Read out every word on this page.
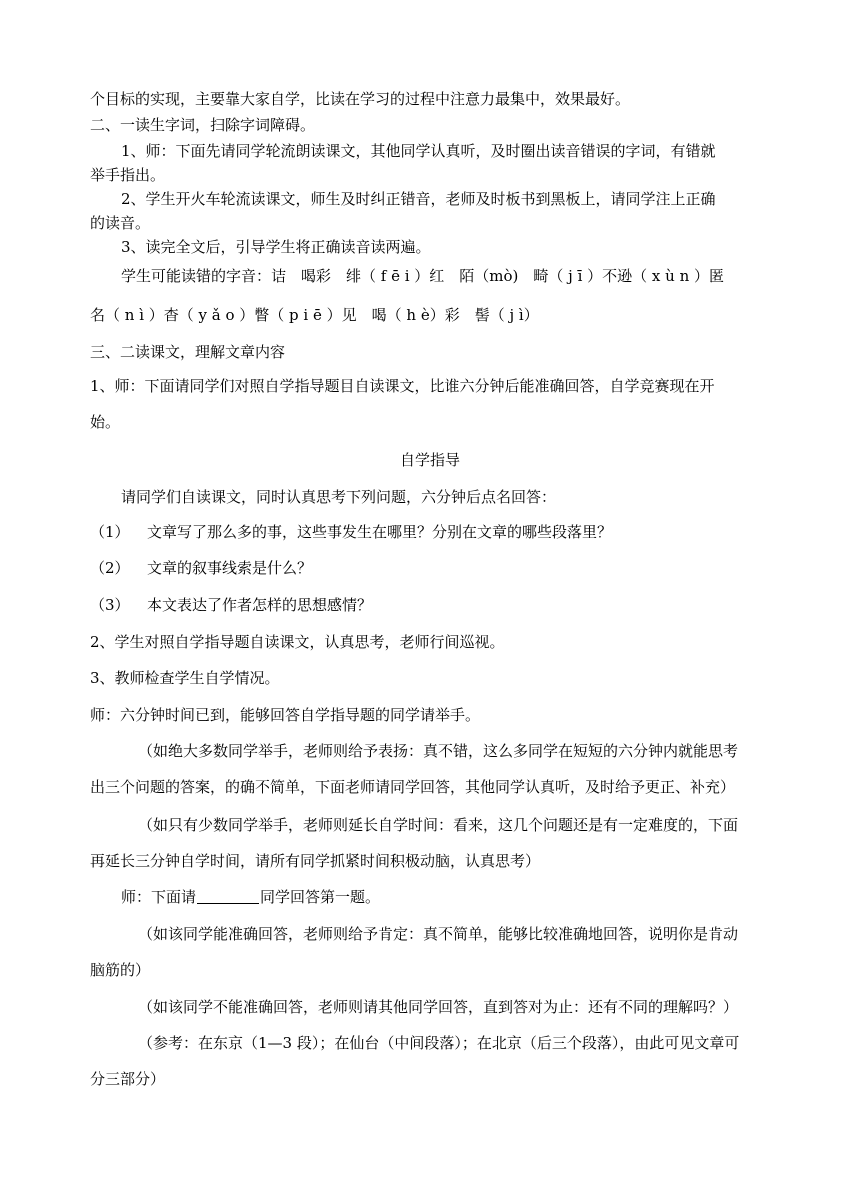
个目标的实现，主要靠大家自学，比读在学习的过程中注意力最集中，效果最好。
二、一读生字词，扫除字词障碍。
1、师：下面先请同学轮流朗读课文，其他同学认真听，及时圈出读音错误的字词，有错就
举手指出。
2、学生开火车轮流读课文，师生及时纠正错音，老师及时板书到黑板上，请同学注上正确
的读音。
3、读完全文后，引导学生将正确读音读两遍。
学生可能读错的字音：诘　喝彩　绯（ f ē i ）红　陌（mò)　畸（ j ī ）不逊（ x ù n ）匿
名（ n ì ）杳（ y ǎ o ）瞥（ p i ē ）见　喝（ h è）彩　髻（ j ì）
三、二读课文，理解文章内容
1、师：下面请同学们对照自学指导题目自读课文，比谁六分钟后能准确回答，自学竞赛现在开
始。
自学指导
请同学们自读课文，同时认真思考下列问题，六分钟后点名回答：
（1） 文章写了那么多的事，这些事发生在哪里？分别在文章的哪些段落里？
（2） 文章的叙事线索是什么？
（3） 本文表达了作者怎样的思想感情？
2、学生对照自学指导题自读课文，认真思考，老师行间巡视。
3、教师检查学生自学情况。
师：六分钟时间已到，能够回答自学指导题的同学请举手。
（如绝大多数同学举手，老师则给予表扬：真不错，这么多同学在短短的六分钟内就能思考
出三个问题的答案，的确不简单，下面老师请同学回答，其他同学认真听，及时给予更正、补充）
（如只有少数同学举手，老师则延长自学时间：看来，这几个问题还是有一定难度的，下面
再延长三分钟自学时间，请所有同学抓紧时间积极动脑，认真思考）
师：下面请	同学回答第一题。
（如该同学能准确回答，老师则给予肯定：真不简单，能够比较准确地回答，说明你是肯动
脑筋的）
（如该同学不能准确回答，老师则请其他同学回答，直到答对为止：还有不同的理解吗？）
（参考：在东京（1—3 段）；在仙台（中间段落）；在北京（后三个段落），由此可见文章可
分三部分）
